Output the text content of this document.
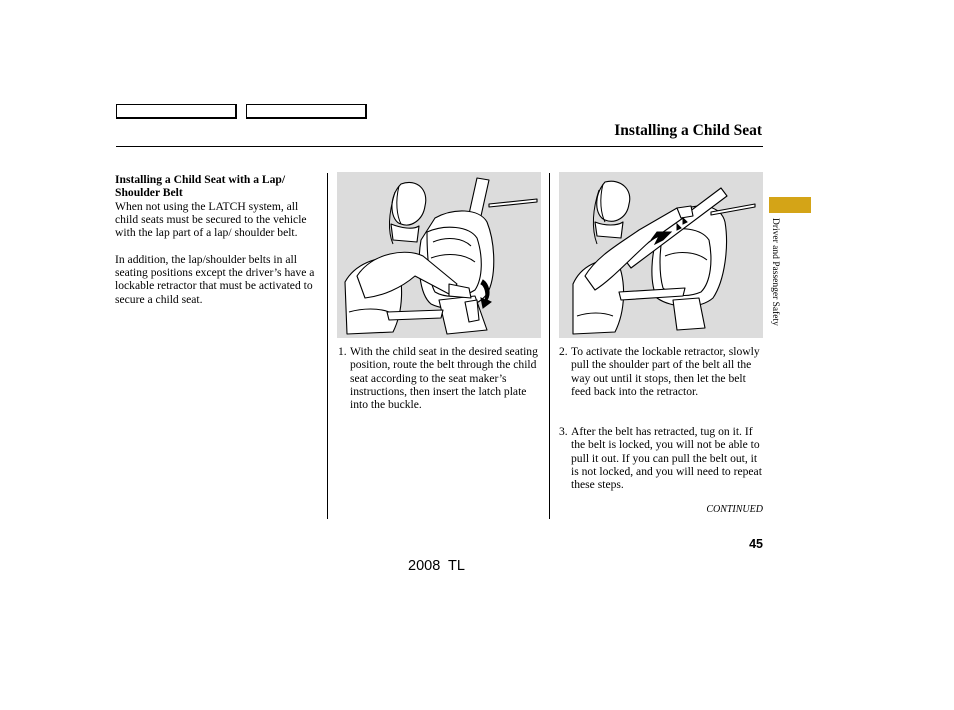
Installing a Child Seat
Installing a Child Seat with a Lap/ Shoulder Belt

When not using the LATCH system, all child seats must be secured to the vehicle with the lap part of a lap/ shoulder belt.

In addition, the lap/shoulder belts in all seating positions except the driver’s have a lockable retractor that must be activated to secure a child seat.

1. With the child seat in the desired seating position, route the belt through the child seat according to the seat maker’s instructions, then insert the latch plate into the buckle.
2. To activate the lockable retractor, slowly pull the shoulder part of the belt all the way out until it stops, then let the belt feed back into the retractor.
3. After the belt has retracted, tug on it. If the belt is locked, you will not be able to pull it out. If you can pull the belt out, it is not locked, and you will need to repeat these steps.
CONTINUED
45
2008  TL
Driver and Passenger Safety
